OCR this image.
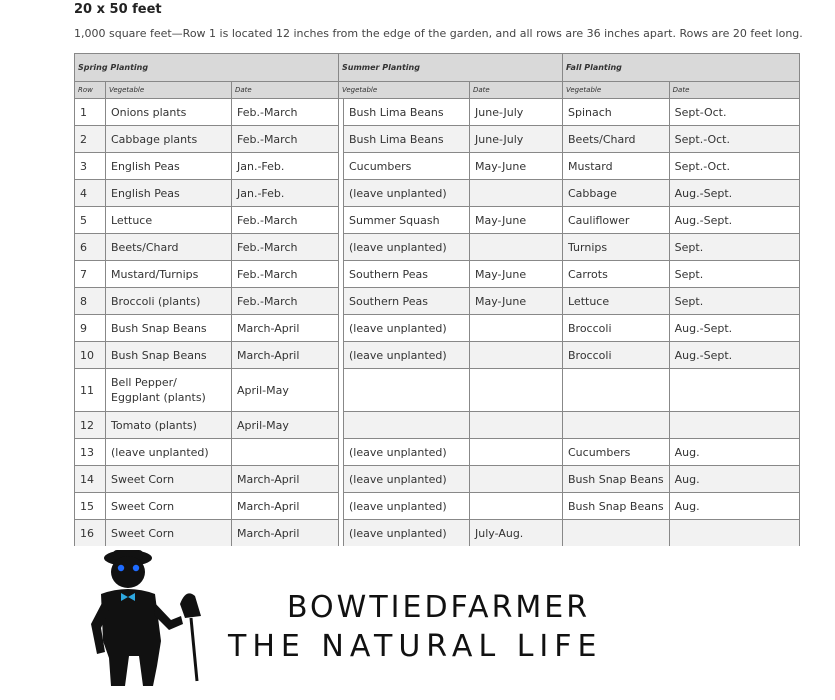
20 x 50 feet
1,000 square feet—Row 1 is located 12 inches from the edge of the garden, and all rows are 36 inches apart. Rows are 20 feet long.
Spring Planting			Summer Planting			Fall Planting	
Row	Vegetable	Date	Vegetable		Date	Vegetable	Date
1	Onions plants	Feb.-March		Bush Lima Beans	June-July	Spinach	Sept-Oct.
2	Cabbage plants	Feb.-March		Bush Lima Beans	June-July	Beets/Chard	Sept.-Oct.
3	English Peas	Jan.-Feb.		Cucumbers	May-June	Mustard	Sept.-Oct.
4	English Peas	Jan.-Feb.		(leave unplanted)		Cabbage	Aug.-Sept.
5	Lettuce	Feb.-March		Summer Squash	May-June	Cauliflower	Aug.-Sept.
6	Beets/Chard	Feb.-March		(leave unplanted)		Turnips	Sept.
7	Mustard/Turnips	Feb.-March		Southern Peas	May-June	Carrots	Sept.
8	Broccoli (plants)	Feb.-March		Southern Peas	May-June	Lettuce	Sept.
9	Bush Snap Beans	March-April		(leave unplanted)		Broccoli	Aug.-Sept.
10	Bush Snap Beans	March-April		(leave unplanted)		Broccoli	Aug.-Sept.
11	Bell Pepper/ Eggplant (plants)	April-May					
12	Tomato (plants)	April-May					
13	(leave unplanted)			(leave unplanted)		Cucumbers	Aug.
14	Sweet Corn	March-April		(leave unplanted)		Bush Snap Beans	Aug.
15	Sweet Corn	March-April		(leave unplanted)		Bush Snap Beans	Aug.
16	Sweet Corn	March-April		(leave unplanted)	July-Aug.		
BOWTIEDFARMER
THE NATURAL LIFE
